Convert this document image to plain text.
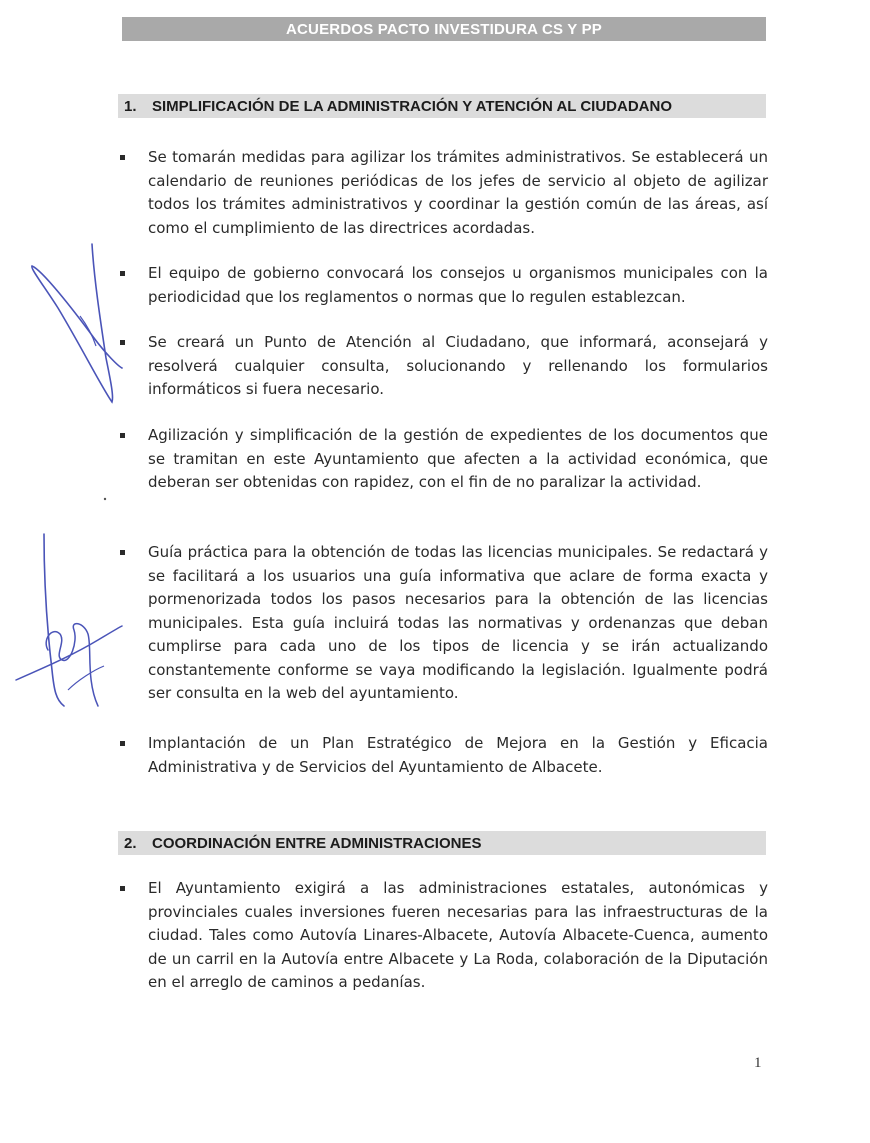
ACUERDOS PACTO INVESTIDURA CS Y PP
1.	SIMPLIFICACIÓN DE LA ADMINISTRACIÓN Y ATENCIÓN AL CIUDADANO
Se tomarán medidas para agilizar los trámites administrativos. Se establecerá un calendario de reuniones periódicas de los jefes de servicio al objeto de agilizar todos los trámites administrativos y coordinar la gestión común de las áreas, así como el cumplimiento de las directrices acordadas.
El equipo de gobierno convocará los consejos u organismos municipales con la periodicidad que los reglamentos o normas que lo regulen establezcan.
Se creará un Punto de Atención al Ciudadano, que informará, aconsejará y resolverá cualquier consulta, solucionando y rellenando los formularios informáticos si fuera necesario.
Agilización y simplificación de la gestión de expedientes de los documentos que se tramitan en este Ayuntamiento que afecten a la actividad económica, que deberan ser obtenidas con rapidez, con el fin de no paralizar la actividad.
Guía práctica para la obtención de todas las licencias municipales. Se redactará y se facilitará a los usuarios una guía informativa que aclare de forma exacta y pormenorizada todos los pasos necesarios para la obtención de las licencias municipales. Esta guía incluirá todas las normativas y ordenanzas que deban cumplirse para cada uno de los tipos de licencia y se irán actualizando constantemente conforme se vaya modificando la legislación. Igualmente podrá ser consulta en la web del ayuntamiento.
Implantación de un Plan Estratégico de Mejora en la Gestión y Eficacia Administrativa y de Servicios del Ayuntamiento de Albacete.
2.	COORDINACIÓN ENTRE ADMINISTRACIONES
El Ayuntamiento exigirá a las administraciones estatales, autonómicas y provinciales cuales inversiones fueren necesarias para las infraestructuras de la ciudad. Tales como Autovía Linares-Albacete, Autovía Albacete-Cuenca, aumento de un carril en la Autovía entre Albacete y La Roda, colaboración de la Diputación en el arreglo de caminos a pedanías.
1
